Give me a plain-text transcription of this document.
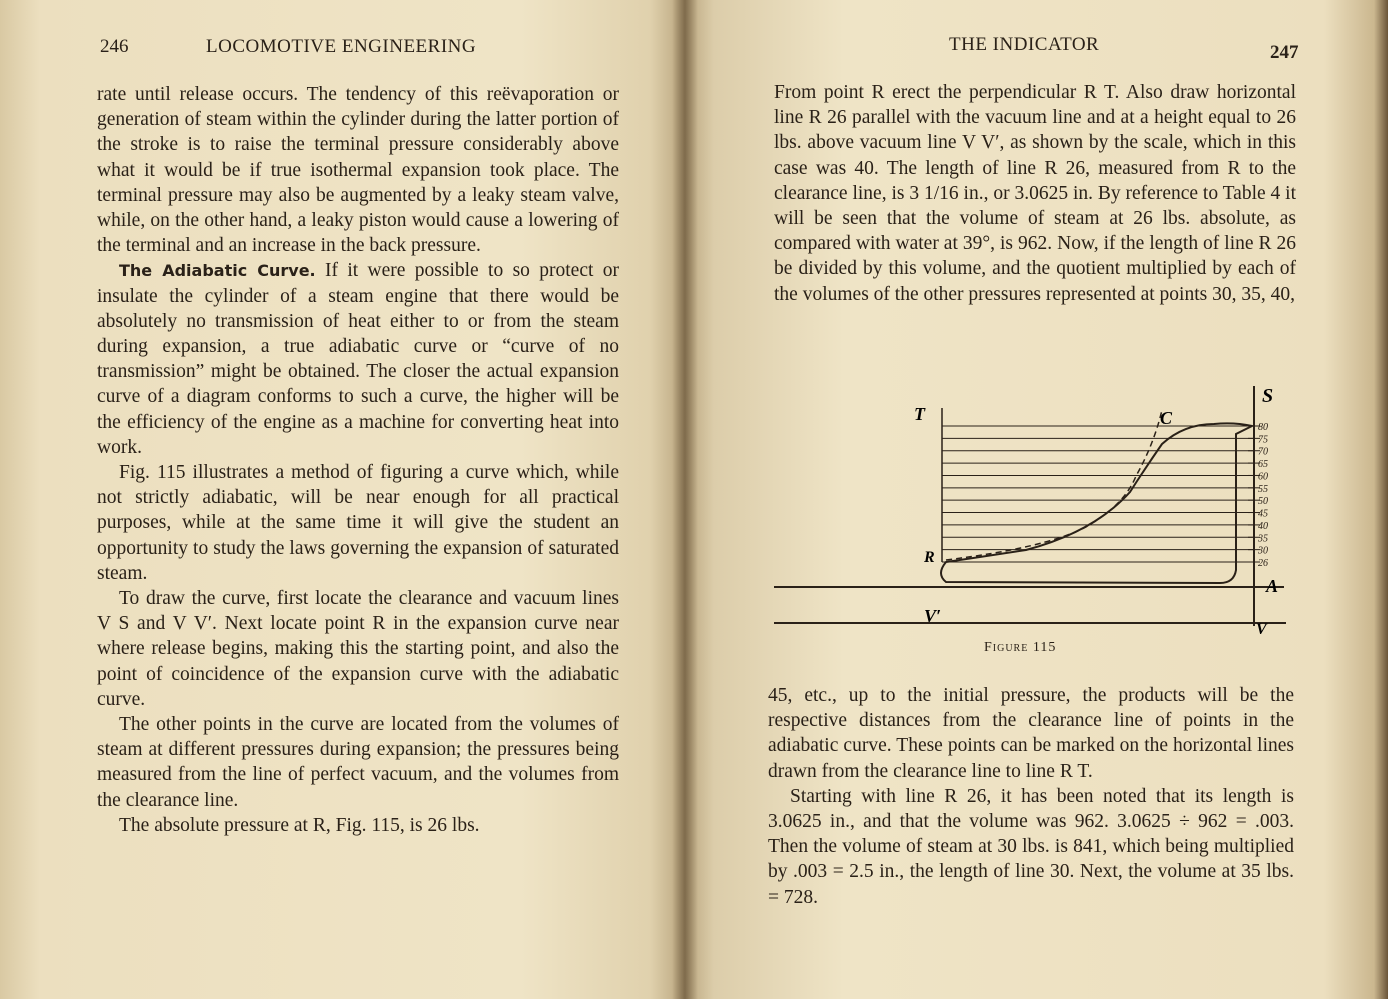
246	LOCOMOTIVE ENGINEERING

rate until release occurs. The tendency of this reëvaporation or generation of steam within the cylinder during the latter portion of the stroke is to raise the terminal pressure considerably above what it would be if true isothermal expansion took place. The terminal pressure may also be augmented by a leaky steam valve, while, on the other hand, a leaky piston would cause a lowering of the terminal and an increase in the back pressure.

The Adiabatic Curve. If it were possible to so protect or insulate the cylinder of a steam engine that there would be absolutely no transmission of heat either to or from the steam during expansion, a true adiabatic curve or “curve of no transmission” might be obtained. The closer the actual expansion curve of a diagram conforms to such a curve, the higher will be the efficiency of the engine as a machine for converting heat into work.

Fig. 115 illustrates a method of figuring a curve which, while not strictly adiabatic, will be near enough for all practical purposes, while at the same time it will give the student an opportunity to study the laws governing the expansion of saturated steam.

To draw the curve, first locate the clearance and vacuum lines V S and V V′. Next locate point R in the expansion curve near where release begins, making this the starting point, and also the point of coincidence of the expansion curve with the adiabatic curve.

The other points in the curve are located from the volumes of steam at different pressures during expansion; the pressures being measured from the line of perfect vacuum, and the volumes from the clearance line.

The absolute pressure at R, Fig. 115, is 26 lbs.

THE INDICATOR	247

From point R erect the perpendicular R T. Also draw horizontal line R 26 parallel with the vacuum line and at a height equal to 26 lbs. above vacuum line V V′, as shown by the scale, which in this case was 40. The length of line R 26, measured from R to the clearance line, is 3 1/16 in., or 3.0625 in. By reference to Table 4 it will be seen that the volume of steam at 26 lbs. absolute, as compared with water at 39°, is 962. Now, if the length of line R 26 be divided by this volume, and the quotient multiplied by each of the volumes of the other pressures represented at points 30, 35, 40,

80
75
70
65
60
55
50
45
40
35
30
26
T	C
S
R
A
V′
V
Figure 115

45, etc., up to the initial pressure, the products will be the respective distances from the clearance line of points in the adiabatic curve. These points can be marked on the horizontal lines drawn from the clearance line to line R T.

Starting with line R 26, it has been noted that its length is 3.0625 in., and that the volume was 962. 3.0625 ÷ 962 = .003. Then the volume of steam at 30 lbs. is 841, which being multiplied by .003 = 2.5 in., the length of line 30. Next, the volume at 35 lbs. = 728.
